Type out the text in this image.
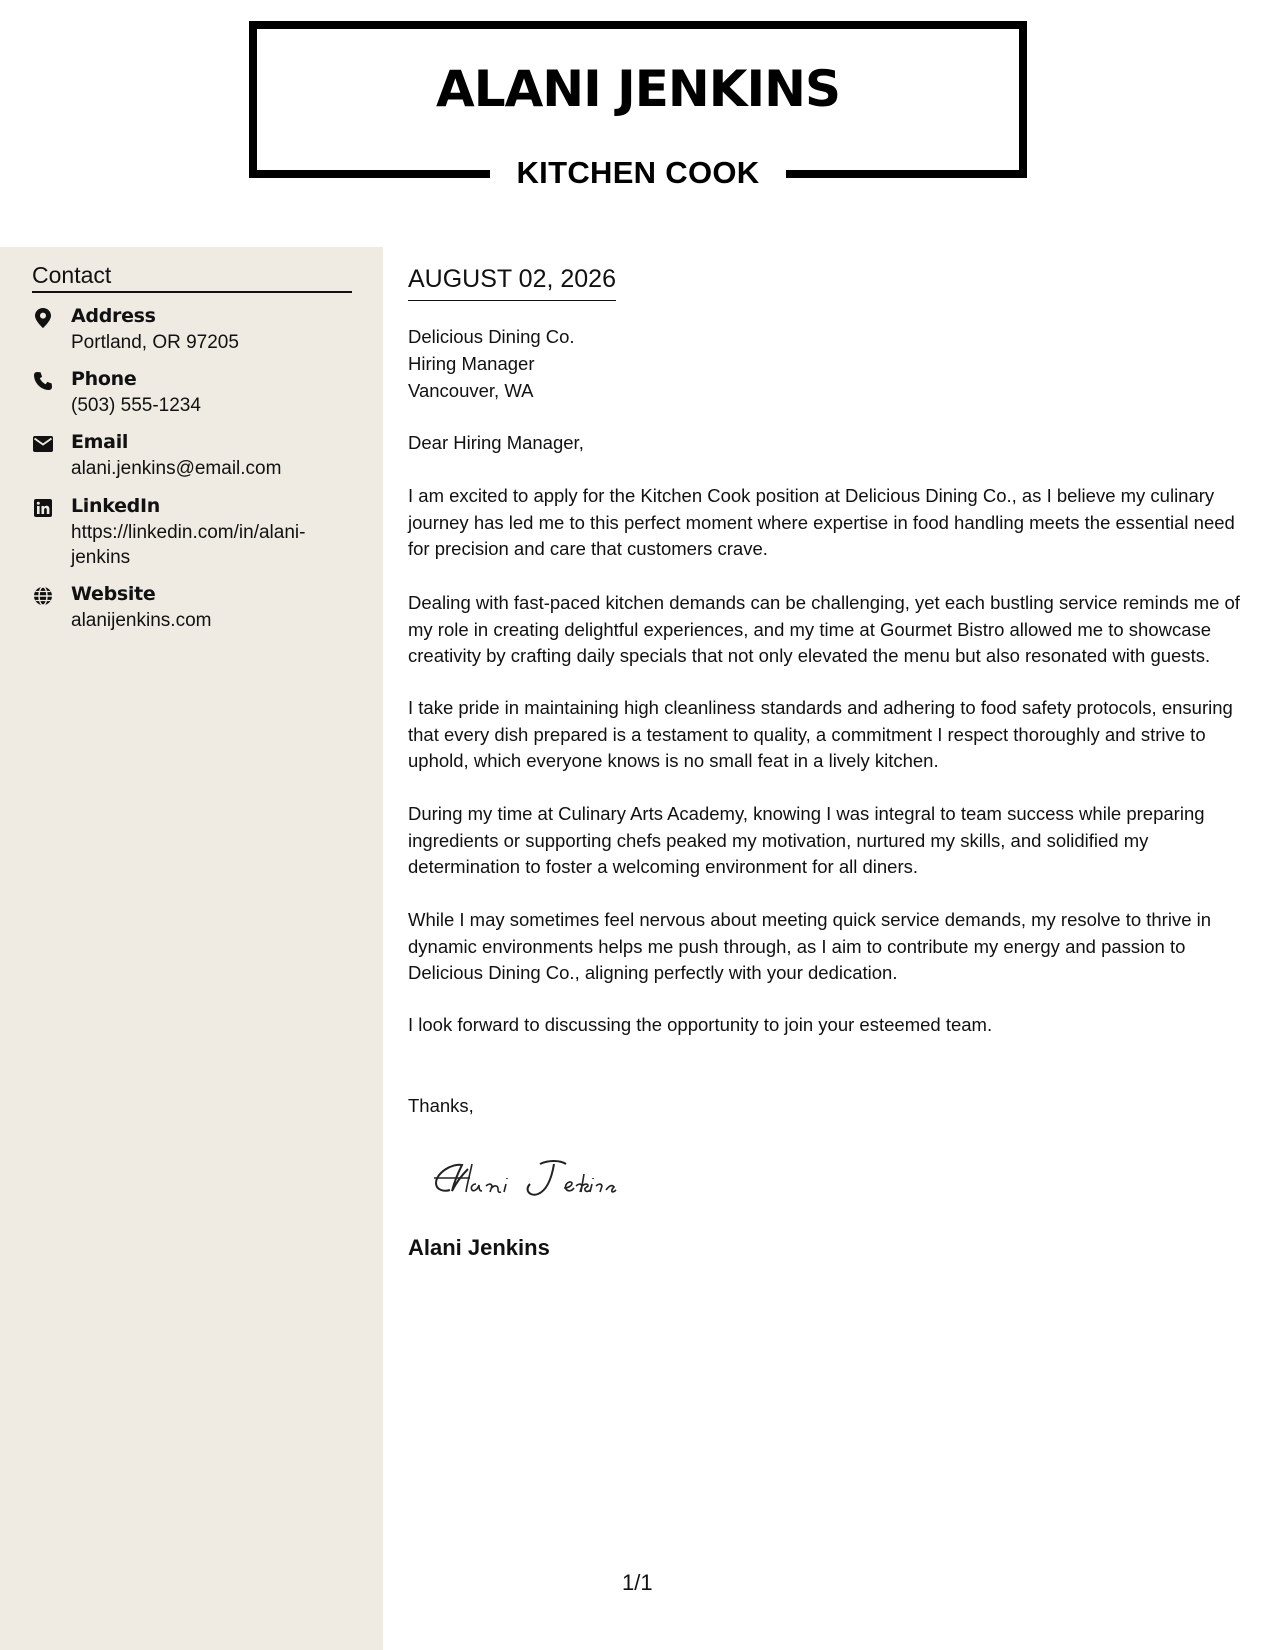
ALANI JENKINS
KITCHEN COOK
Contact
Address
Portland, OR 97205
Phone
(503) 555-1234
Email
alani.jenkins@email.com
LinkedIn
https://linkedin.com/in/alani-jenkins
Website
alanijenkins.com
AUGUST 02, 2026
Delicious Dining Co.
Hiring Manager
Vancouver, WA
Dear Hiring Manager,
I am excited to apply for the Kitchen Cook position at Delicious Dining Co., as I believe my culinary journey has led me to this perfect moment where expertise in food handling meets the essential need for precision and care that customers crave.
Dealing with fast-paced kitchen demands can be challenging, yet each bustling service reminds me of my role in creating delightful experiences, and my time at Gourmet Bistro allowed me to showcase creativity by crafting daily specials that not only elevated the menu but also resonated with guests.
I take pride in maintaining high cleanliness standards and adhering to food safety protocols, ensuring that every dish prepared is a testament to quality, a commitment I respect thoroughly and strive to uphold, which everyone knows is no small feat in a lively kitchen.
During my time at Culinary Arts Academy, knowing I was integral to team success while preparing ingredients or supporting chefs peaked my motivation, nurtured my skills, and solidified my determination to foster a welcoming environment for all diners.
While I may sometimes feel nervous about meeting quick service demands, my resolve to thrive in dynamic environments helps me push through, as I aim to contribute my energy and passion to Delicious Dining Co., aligning perfectly with your dedication.
I look forward to discussing the opportunity to join your esteemed team.
Thanks,
Alani Jenkins
1/1
